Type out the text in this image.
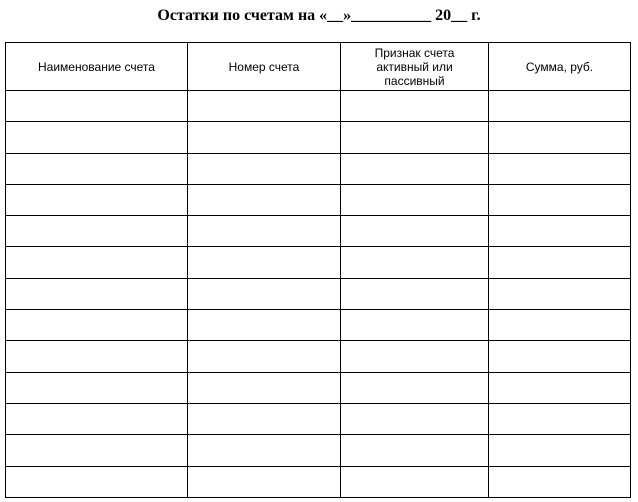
Остатки по счетам на «__»__________ 20__ г.
Наименование счета	Номер счета	Признак счета активный или пассивный	Сумма, руб.
